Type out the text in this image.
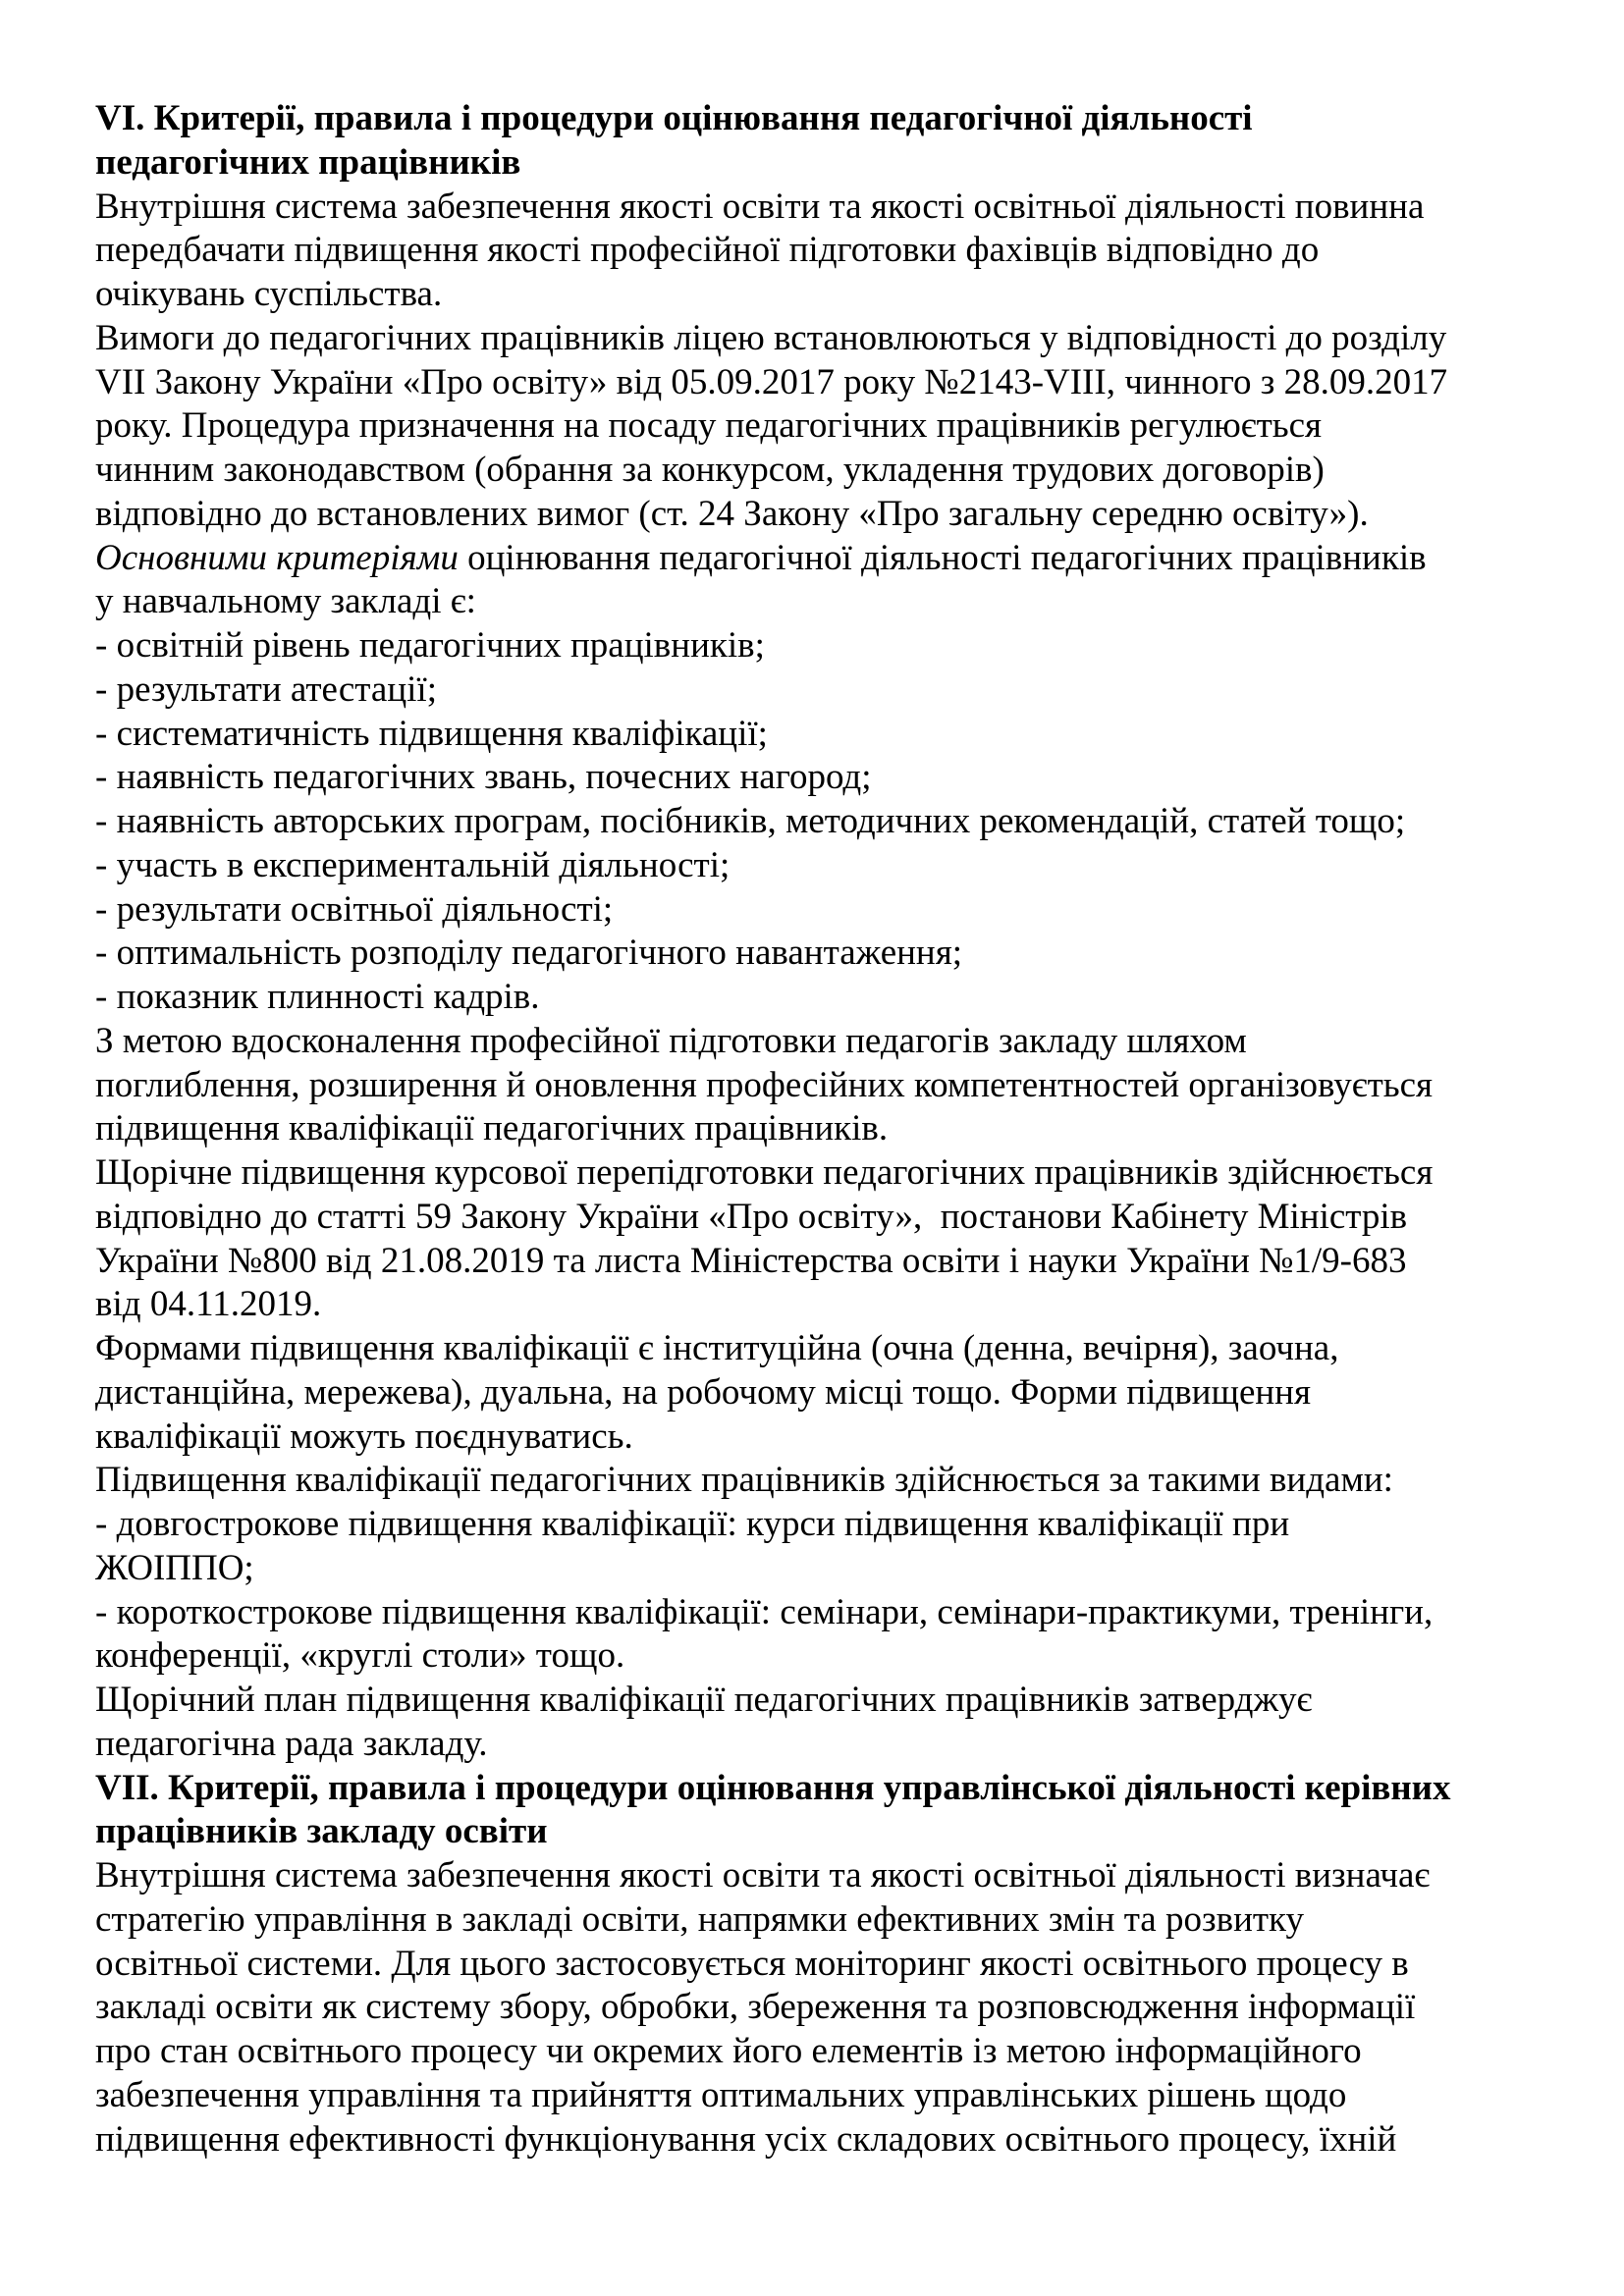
VI. Критерії, правила і процедури оцінювання педагогічної діяльності
педагогічних працівників
Внутрішня система забезпечення якості освіти та якості освітньої діяльності повинна
передбачати підвищення якості професійної підготовки фахівців відповідно до
очікувань суспільства.
Вимоги до педагогічних працівників ліцею встановлюються у відповідності до розділу
VII Закону України «Про освіту» від 05.09.2017 року №2143-VIII, чинного з 28.09.2017
року. Процедура призначення на посаду педагогічних працівників регулюється
чинним законодавством (обрання за конкурсом, укладення трудових договорів)
відповідно до встановлених вимог (ст. 24 Закону «Про загальну середню освіту»).
Основними критеріями оцінювання педагогічної діяльності педагогічних працівників
у навчальному закладі є:
- освітній рівень педагогічних працівників;
- результати атестації;
- систематичність підвищення кваліфікації;
- наявність педагогічних звань, почесних нагород;
- наявність авторських програм, посібників, методичних рекомендацій, статей тощо;
- участь в експериментальній діяльності;
- результати освітньої діяльності;
- оптимальність розподілу педагогічного навантаження;
- показник плинності кадрів.
З метою вдосконалення професійної підготовки педагогів закладу шляхом
поглиблення, розширення й оновлення професійних компетентностей організовується
підвищення кваліфікації педагогічних працівників.
Щорічне підвищення курсової перепідготовки педагогічних працівників здійснюється
відповідно до статті 59 Закону України «Про освіту»,  постанови Кабінету Міністрів
України №800 від 21.08.2019 та листа Міністерства освіти і науки України №1/9-683
від 04.11.2019.
Формами підвищення кваліфікації є інституційна (очна (денна, вечірня), заочна,
дистанційна, мережева), дуальна, на робочому місці тощо. Форми підвищення
кваліфікації можуть поєднуватись.
Підвищення кваліфікації педагогічних працівників здійснюється за такими видами:
- довгострокове підвищення кваліфікації: курси підвищення кваліфікації при
ЖОІППО;
- короткострокове підвищення кваліфікації: семінари, семінари-практикуми, тренінги,
конференції, «круглі столи» тощо.
Щорічний план підвищення кваліфікації педагогічних працівників затверджує
педагогічна рада закладу.
VII. Критерії, правила і процедури оцінювання управлінської діяльності керівних
працівників закладу освіти
Внутрішня система забезпечення якості освіти та якості освітньої діяльності визначає
стратегію управління в закладі освіти, напрямки ефективних змін та розвитку
освітньої системи. Для цього застосовується моніторинг якості освітнього процесу в
закладі освіти як систему збору, обробки, збереження та розповсюдження інформації
про стан освітнього процесу чи окремих його елементів із метою інформаційного
забезпечення управління та прийняття оптимальних управлінських рішень щодо
підвищення ефективності функціонування усіх складових освітнього процесу, їхній
